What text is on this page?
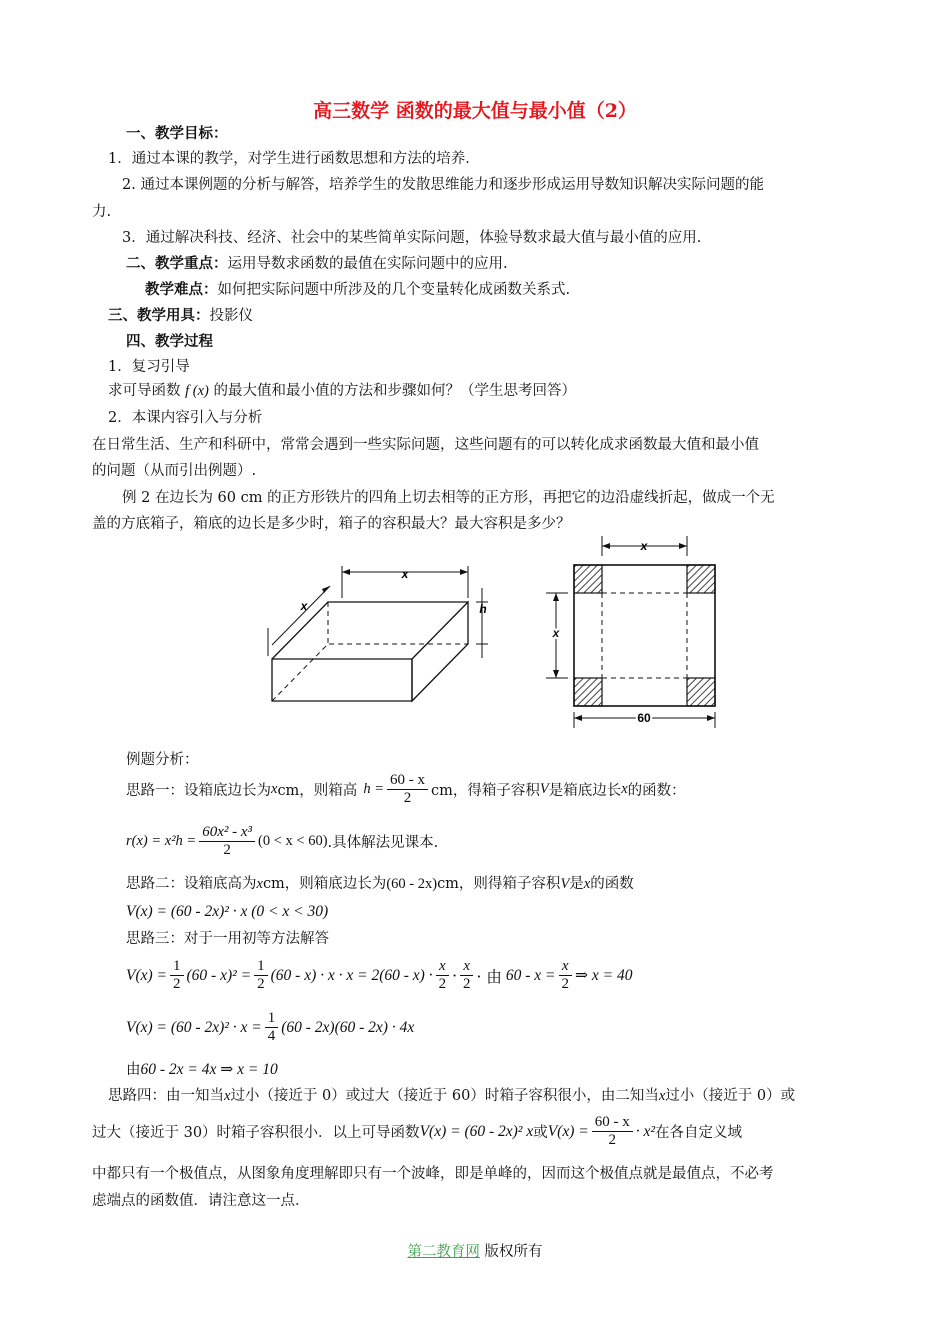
高三数学 函数的最大值与最小值（2）
一、教学目标：
1．通过本课的教学，对学生进行函数思想和方法的培养．
2. 通过本课例题的分析与解答，培养学生的发散思维能力和逐步形成运用导数知识解决实际问题的能
力.
3．通过解决科技、经济、社会中的某些简单实际问题，体验导数求最大值与最小值的应用.
二、教学重点：运用导数求函数的最值在实际问题中的应用.
教学难点：如何把实际问题中所涉及的几个变量转化成函数关系式.
三、教学用具：投影仪
四、教学过程
1．复习引导
求可导函数 f (x) 的最大值和最小值的方法和步骤如何？（学生思考回答）
2．本课内容引入与分析
在日常生活、生产和科研中，常常会遇到一些实际问题，这些问题有的可以转化成求函数最大值和最小值
的问题（从而引出例题）.
例 2 在边长为 60 cm 的正方形铁片的四角上切去相等的正方形，再把它的边沿虚线折起，做成一个无
盖的方底箱子，箱底的边长是多少时，箱子的容积最大？最大容积是多少？
x
x	h
x
x
60
例题分析：
思路一：设箱底边长为 x cm，则箱高 $h = \frac{60 - x}{2}$ cm，得箱子容积 V 是箱底边长 x 的函数：
$r(x) = x^2h = \frac{\text{60x² - x³}}{2} (0 < x < 60)$ .具体解法见课本.
思路二：设箱底高为xcm，则箱底边长为(60 - 2x)cm，则得箱子容积V是x的函数
V(x) = (60 - 2x)² · x (0 < x < 30)
思路三：对于一用初等方法解答
$V(x) = \frac{1}{2} (60 - x)^2 = \frac{1}{2} (60 - x) \cdot x \cdot x = 2(60 - x) \cdot \frac{x}{2} \cdot \frac{x}{2}$ · 由 $60 - x = \frac{x}{2}$ ⇒ x = 40
$V(x) = (60 - 2x)^2 \cdot x = \frac{1}{4} (60 - 2x)(60 - 2x) \cdot 4x$
由60 - 2x = 4x ⇒ x = 10
思路四：由一知当x过小（接近于 0）或过大（接近于 60）时箱子容积很小，由二知当x过小（接近于 0）或
过大（接近于 30）时箱子容积很小．以上可导函数 V(x) = (60 - 2x)² x 或 $V(x) = \frac{60 - x}{2} \cdot x^2$ 在各自定义域
中都只有一个极值点，从图象角度理解即只有一个波峰，即是单峰的，因而这个极值点就是最值点，不必考
虑端点的函数值．请注意这一点．
第二教育网 版权所有
